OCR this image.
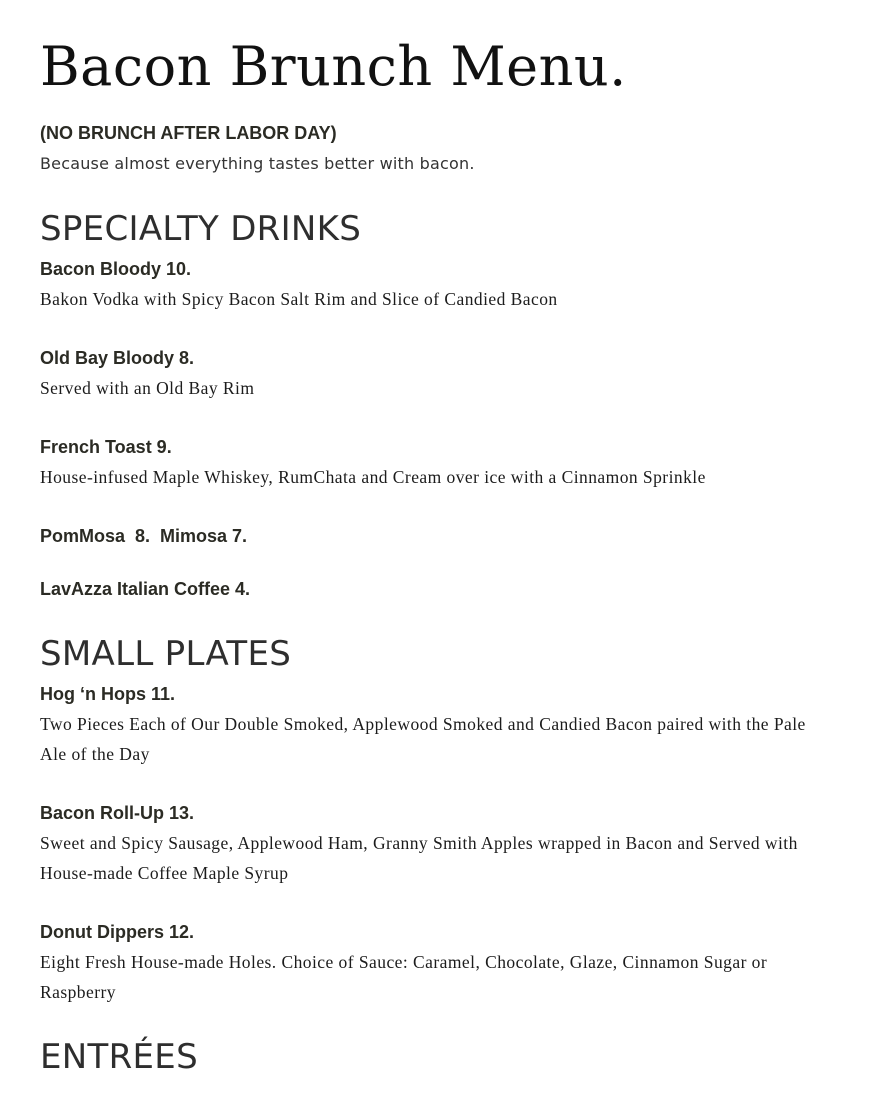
Bacon Brunch Menu.

(NO BRUNCH AFTER LABOR DAY)

Because almost everything tastes better with bacon.

SPECIALTY DRINKS

Bacon Bloody 10.

Bakon Vodka with Spicy Bacon Salt Rim and Slice of Candied Bacon

Old Bay Bloody 8.

Served with an Old Bay Rim

French Toast 9.

House-infused Maple Whiskey, RumChata and Cream over ice with a Cinnamon Sprinkle

PomMosa  8.  Mimosa 7.

LavAzza Italian Coffee 4.

SMALL PLATES

Hog ‘n Hops 11.

Two Pieces Each of Our Double Smoked, Applewood Smoked and Candied Bacon paired with the Pale Ale of the Day

Bacon Roll-Up 13.

Sweet and Spicy Sausage, Applewood Ham, Granny Smith Apples wrapped in Bacon and Served with House-made Coffee Maple Syrup

Donut Dippers 12.

Eight Fresh House-made Holes. Choice of Sauce: Caramel, Chocolate, Glaze, Cinnamon Sugar or Raspberry

ENTRÉES
